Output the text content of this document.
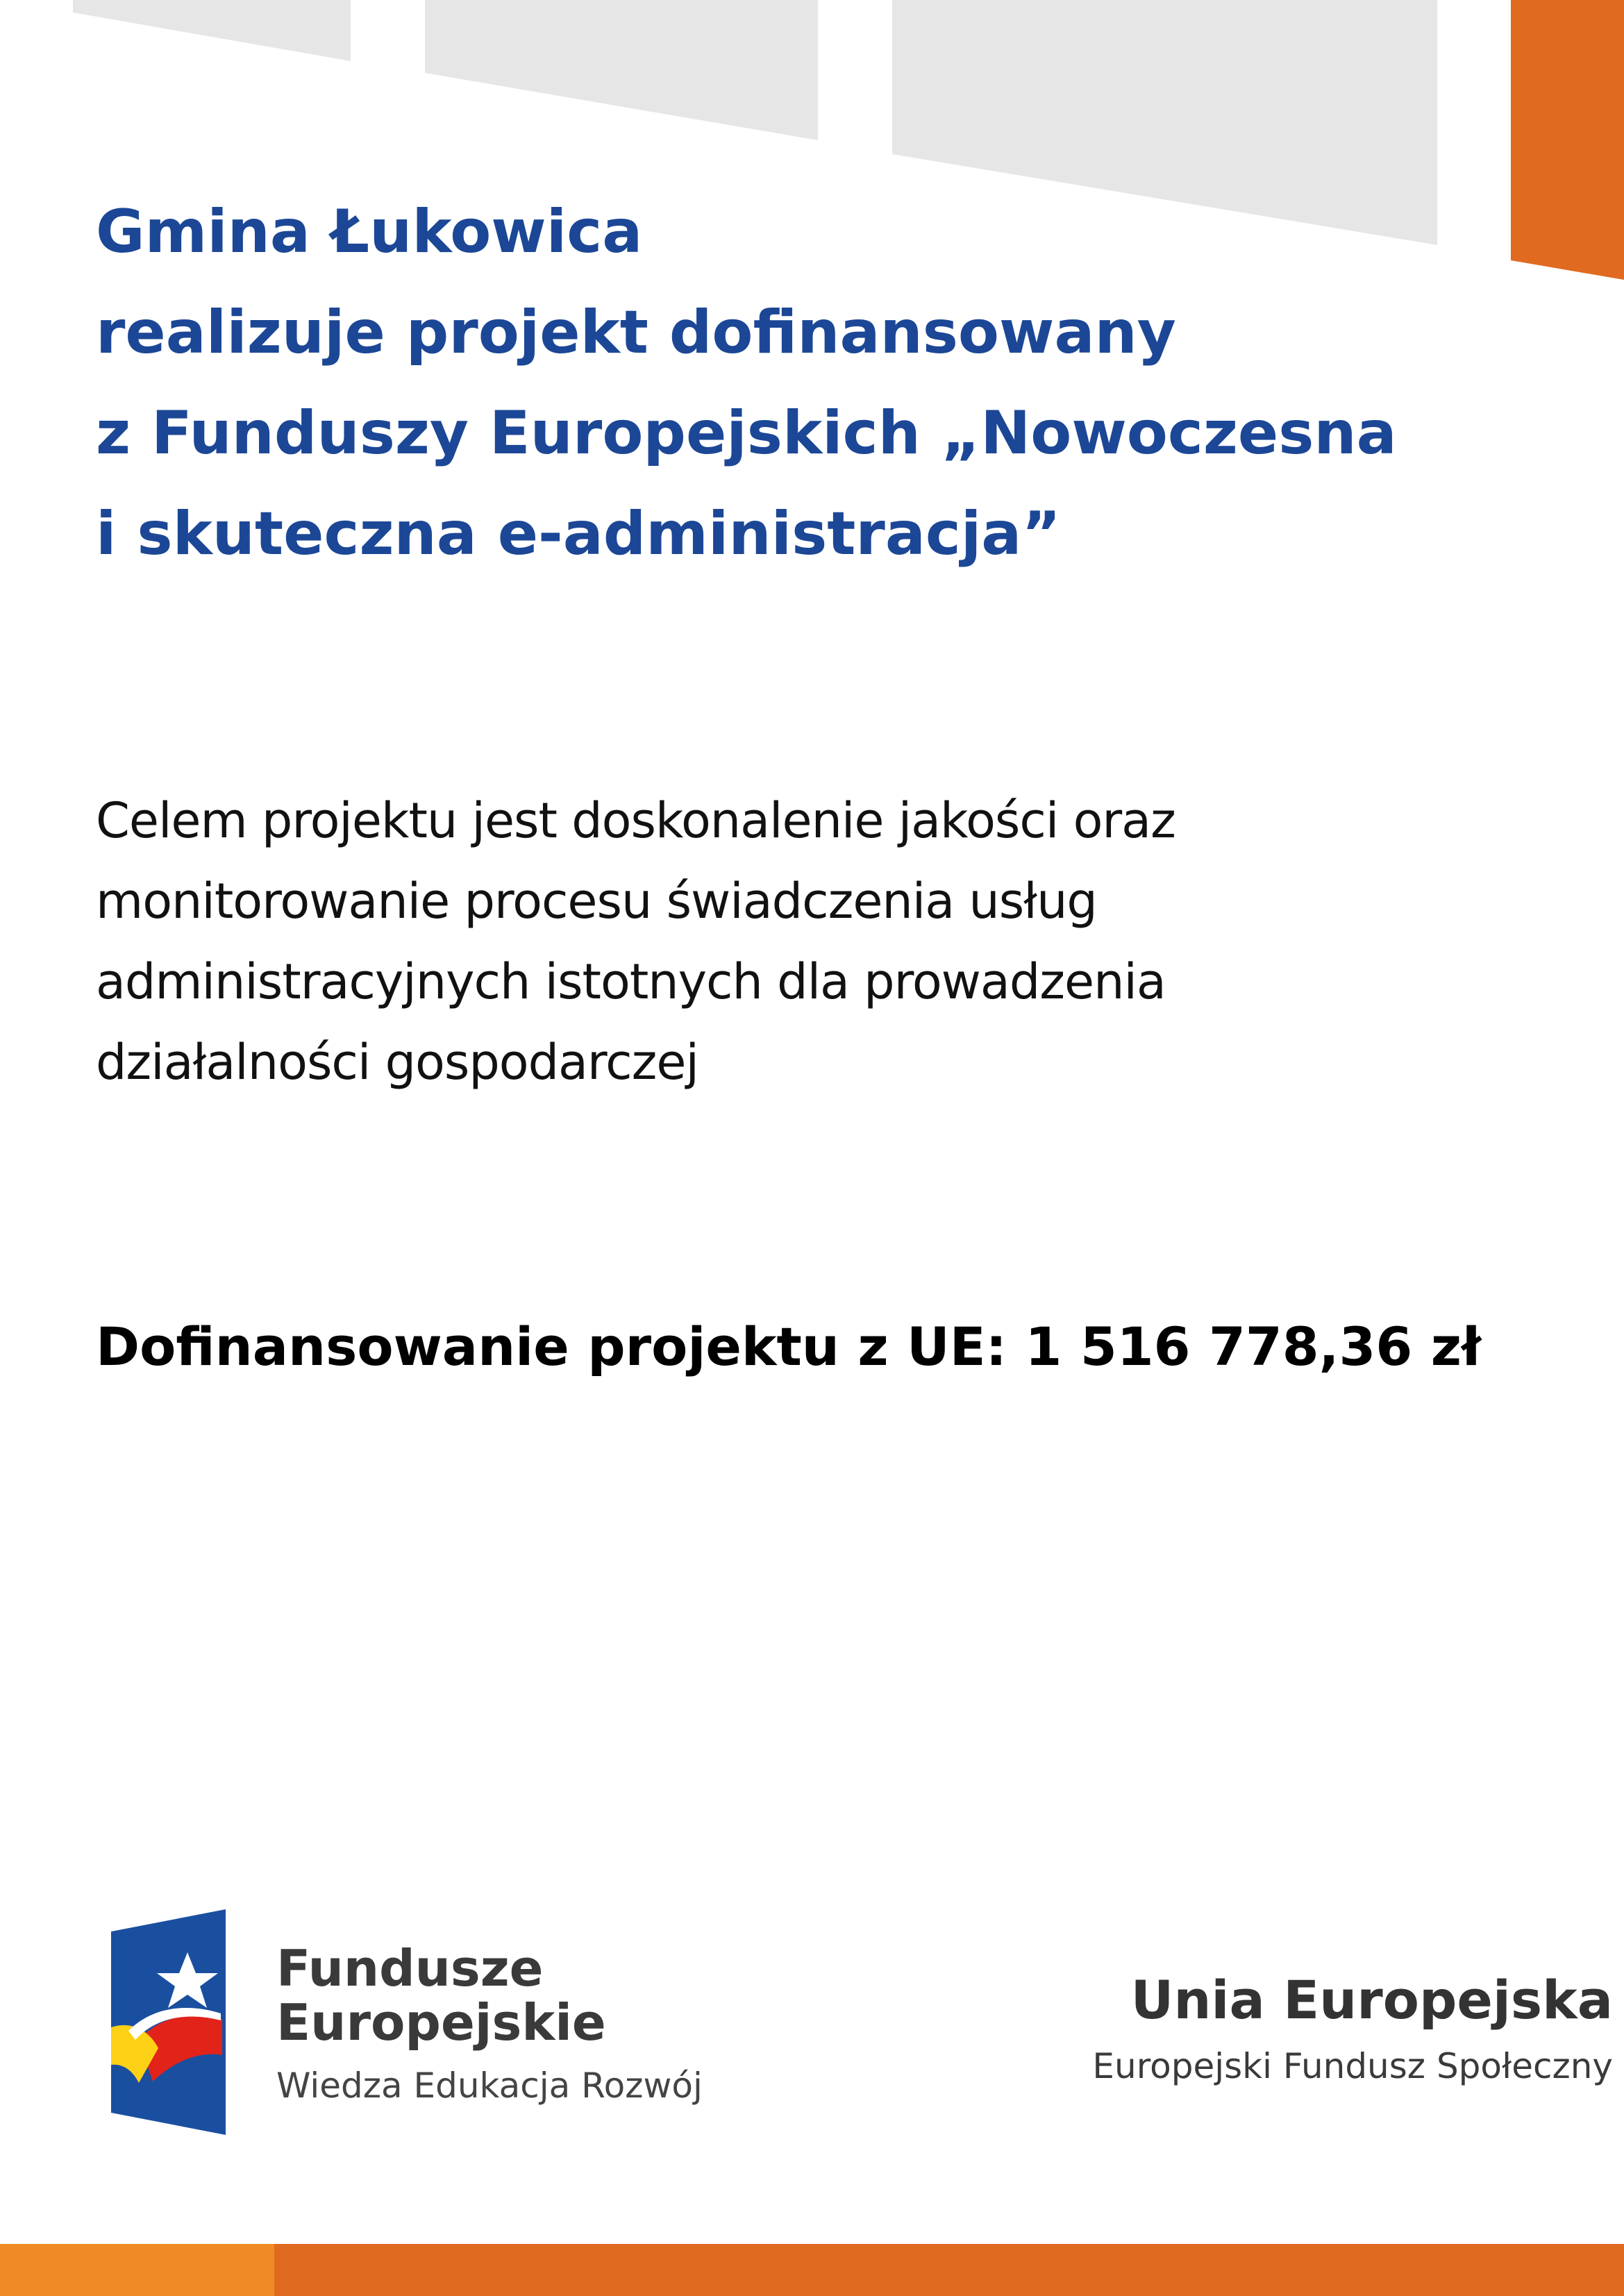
Gmina Łukowica
realizuje projekt dofinansowany
z Funduszy Europejskich „Nowoczesna
i skuteczna e-administracja”
Celem projektu jest doskonalenie jakości oraz
monitorowanie procesu świadczenia usług
administracyjnych istotnych dla prowadzenia
działalności gospodarczej
Dofinansowanie projektu z UE: 1 516 778,36 zł
Fundusze
Europejskie
Wiedza Edukacja Rozwój
Unia Europejska
Europejski Fundusz Społeczny
